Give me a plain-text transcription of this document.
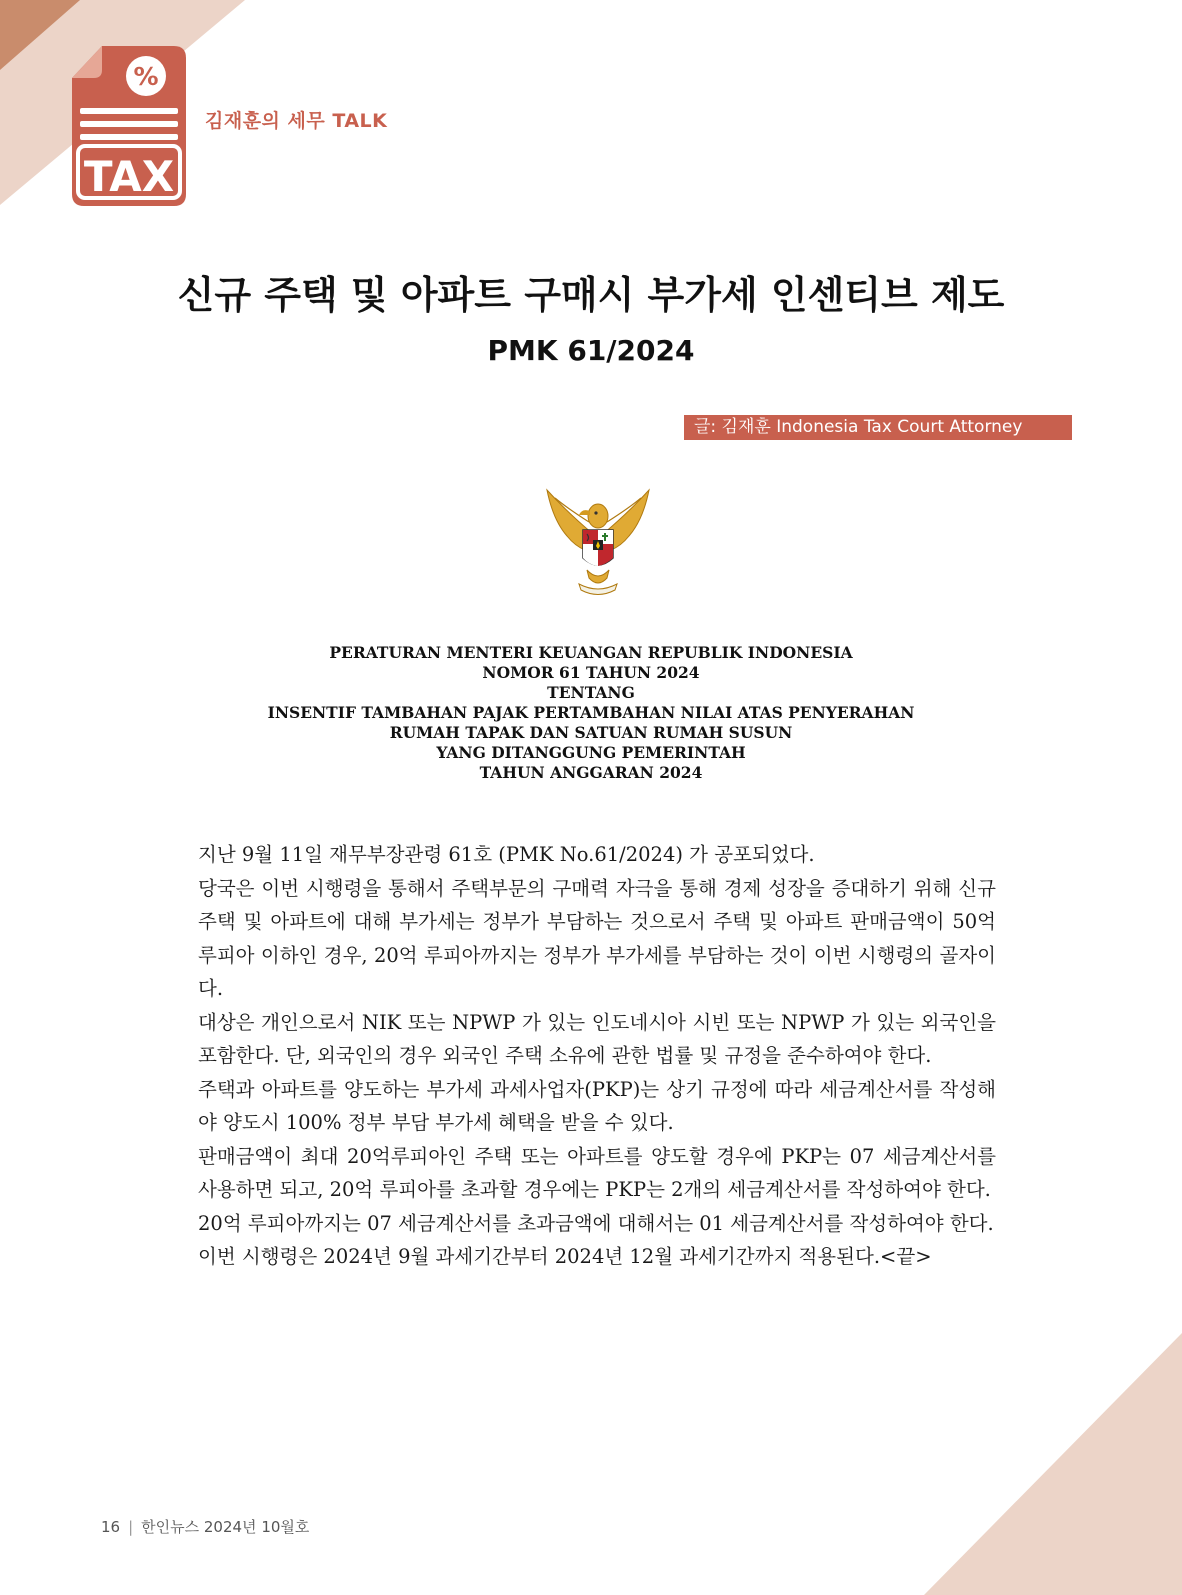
%
TAX
김재훈의 세무 TALK
신규 주택 및 아파트 구매시 부가세 인센티브 제도
PMK 61/2024
글: 김재훈 Indonesia Tax Court Attorney
PERATURAN MENTERI KEUANGAN REPUBLIK INDONESIA
NOMOR 61 TAHUN 2024
TENTANG
INSENTIF TAMBAHAN PAJAK PERTAMBAHAN NILAI ATAS PENYERAHAN
RUMAH TAPAK DAN SATUAN RUMAH SUSUN
YANG DITANGGUNG PEMERINTAH
TAHUN ANGGARAN 2024

지난 9월 11일 재무부장관령 61호 (PMK No.61/2024) 가 공포되었다.

당국은 이번 시행령을 통해서 주택부문의 구매력 자극을 통해 경제 성장을 증대하기 위해 신규 주택 및 아파트에 대해 부가세는 정부가 부담하는 것으로서 주택 및 아파트 판매금액이 50억 루피아 이하인 경우, 20억 루피아까지는 정부가 부가세를 부담하는 것이 이번 시행령의 골자이다.

대상은 개인으로서 NIK 또는 NPWP 가 있는 인도네시아 시빈 또는 NPWP 가 있는 외국인을 포함한다. 단, 외국인의 경우 외국인 주택 소유에 관한 법률 및 규정을 준수하여야 한다.

주택과 아파트를 양도하는 부가세 과세사업자(PKP)는 상기 규정에 따라 세금계산서를 작성해야 양도시 100% 정부 부담 부가세 혜택을 받을 수 있다.

판매금액이 최대 20억루피아인 주택 또는 아파트를 양도할 경우에 PKP는 07 세금계산서를 사용하면 되고, 20억 루피아를 초과할 경우에는 PKP는 2개의 세금계산서를 작성하여야 한다.

20억 루피아까지는 07 세금계산서를 초과금액에 대해서는 01 세금계산서를 작성하여야 한다.

이번 시행령은 2024년 9월 과세기간부터 2024년 12월 과세기간까지 적용된다.<끝>

16 | 한인뉴스 2024년 10월호
